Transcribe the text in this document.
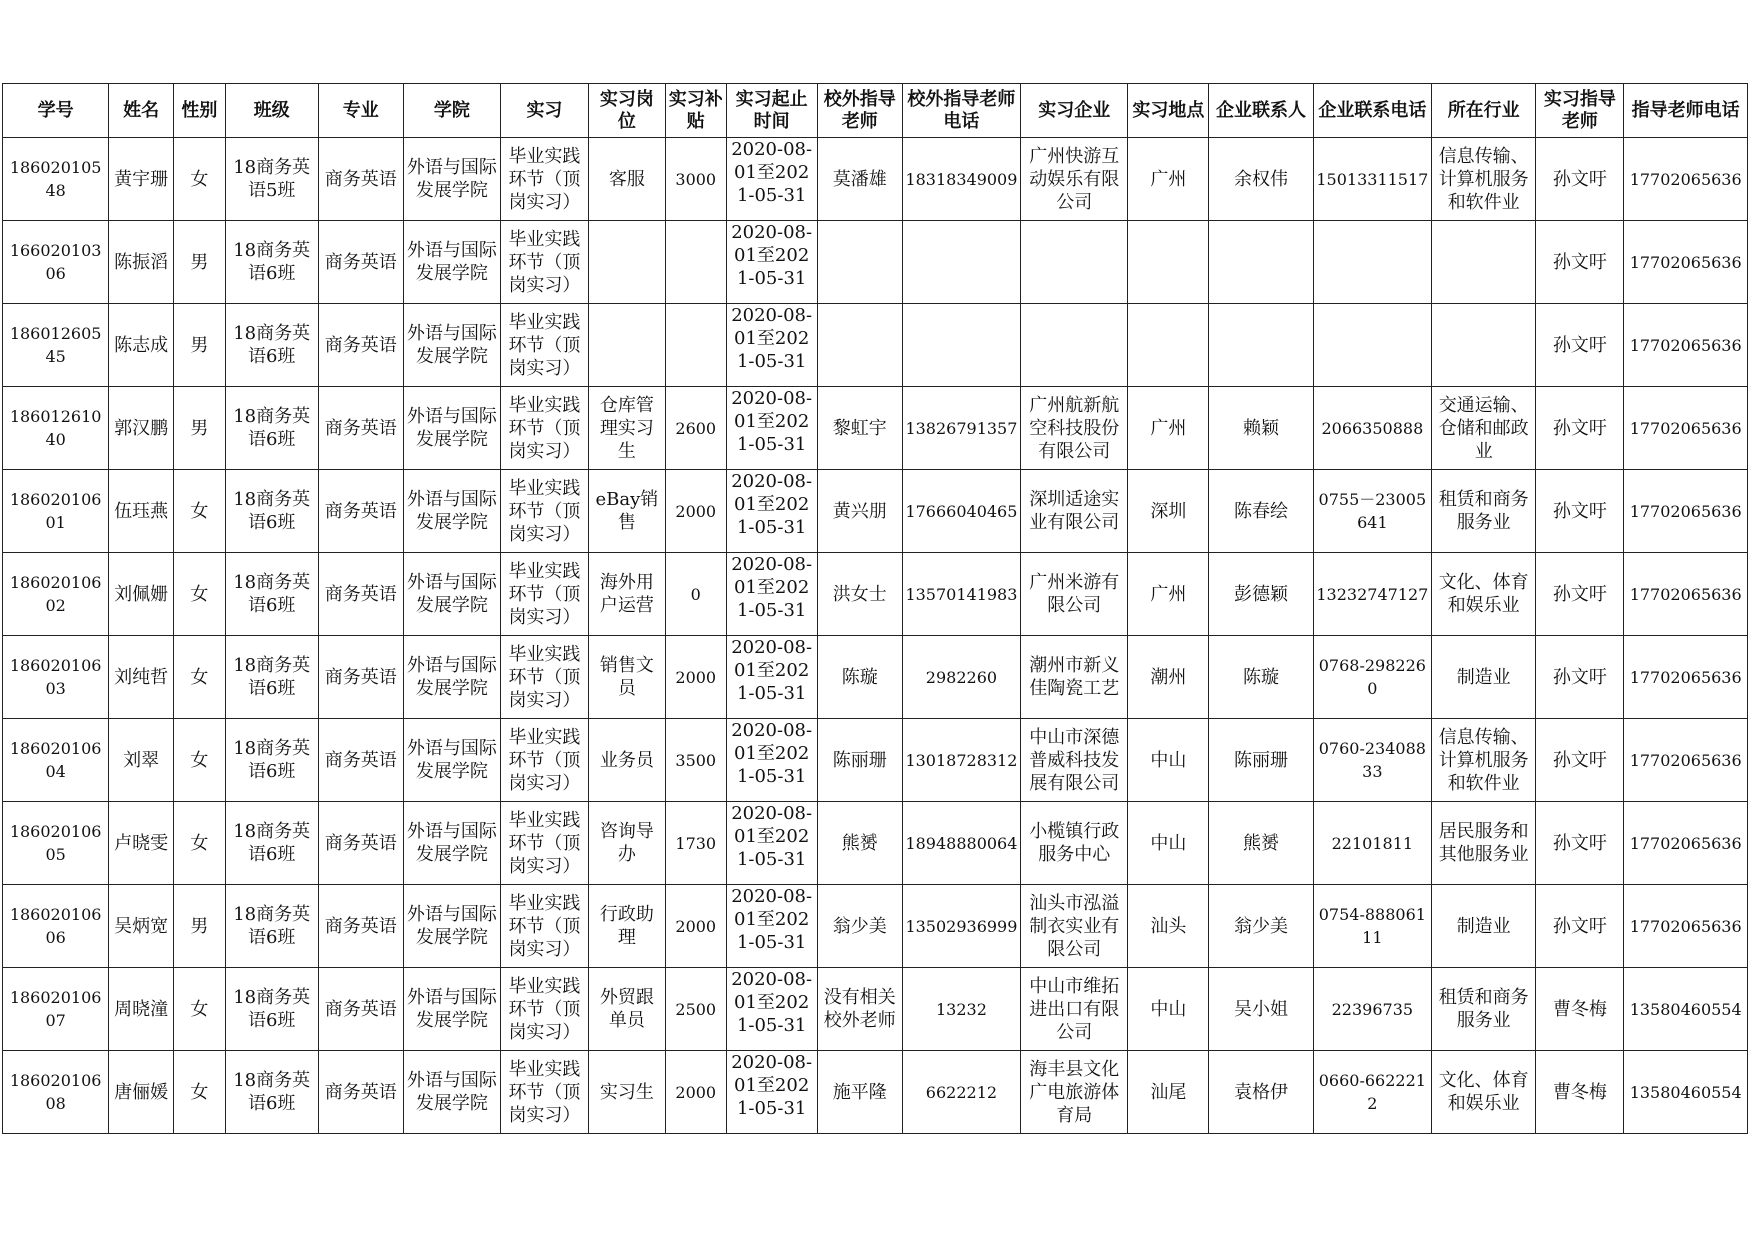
学号	姓名	性别	班级	专业	学院	实习	实习岗位	实习补贴	实习起止时间	校外指导老师	校外指导老师电话	实习企业	实习地点	企业联系人	企业联系电话	所在行业	实习指导老师	指导老师电话
18602010548	黄宇珊	女	18商务英语5班	商务英语	外语与国际发展学院	毕业实践环节（顶岗实习）	客服	3000	2020-08-01至2021-05-31	莫潘雄	18318349009	广州快游互动娱乐有限公司	广州	余权伟	15013311517	信息传输、计算机服务和软件业	孙文吁	17702065636
16602010306	陈振滔	男	18商务英语6班	商务英语	外语与国际发展学院	毕业实践环节（顶岗实习）			2020-08-01至2021-05-31								孙文吁	17702065636
18601260545	陈志成	男	18商务英语6班	商务英语	外语与国际发展学院	毕业实践环节（顶岗实习）			2020-08-01至2021-05-31								孙文吁	17702065636
18601261040	郭汉鹏	男	18商务英语6班	商务英语	外语与国际发展学院	毕业实践环节（顶岗实习）	仓库管理实习生	2600	2020-08-01至2021-05-31	黎虹宇	13826791357	广州航新航空科技股份有限公司	广州	赖颖	2066350888	交通运输、仓储和邮政业	孙文吁	17702065636
18602010601	伍珏燕	女	18商务英语6班	商务英语	外语与国际发展学院	毕业实践环节（顶岗实习）	eBay销售	2000	2020-08-01至2021-05-31	黄兴朋	17666040465	深圳适途实业有限公司	深圳	陈春绘	0755－23005641	租赁和商务服务业	孙文吁	17702065636
18602010602	刘佩姗	女	18商务英语6班	商务英语	外语与国际发展学院	毕业实践环节（顶岗实习）	海外用户运营	0	2020-08-01至2021-05-31	洪女士	13570141983	广州米游有限公司	广州	彭德颖	13232747127	文化、体育和娱乐业	孙文吁	17702065636
18602010603	刘纯哲	女	18商务英语6班	商务英语	外语与国际发展学院	毕业实践环节（顶岗实习）	销售文员	2000	2020-08-01至2021-05-31	陈璇	2982260	潮州市新义佳陶瓷工艺	潮州	陈璇	0768-2982260	制造业	孙文吁	17702065636
18602010604	刘翠	女	18商务英语6班	商务英语	外语与国际发展学院	毕业实践环节（顶岗实习）	业务员	3500	2020-08-01至2021-05-31	陈丽珊	13018728312	中山市深德普威科技发展有限公司	中山	陈丽珊	0760-23408833	信息传输、计算机服务和软件业	孙文吁	17702065636
18602010605	卢晓雯	女	18商务英语6班	商务英语	外语与国际发展学院	毕业实践环节（顶岗实习）	咨询导办	1730	2020-08-01至2021-05-31	熊赟	18948880064	小榄镇行政服务中心	中山	熊赟	22101811	居民服务和其他服务业	孙文吁	17702065636
18602010606	吴炳宽	男	18商务英语6班	商务英语	外语与国际发展学院	毕业实践环节（顶岗实习）	行政助理	2000	2020-08-01至2021-05-31	翁少美	13502936999	汕头市泓溢制衣实业有限公司	汕头	翁少美	0754-88806111	制造业	孙文吁	17702065636
18602010607	周晓潼	女	18商务英语6班	商务英语	外语与国际发展学院	毕业实践环节（顶岗实习）	外贸跟单员	2500	2020-08-01至2021-05-31	没有相关校外老师	13232	中山市维拓进出口有限公司	中山	吴小姐	22396735	租赁和商务服务业	曹冬梅	13580460554
18602010608	唐俪媛	女	18商务英语6班	商务英语	外语与国际发展学院	毕业实践环节（顶岗实习）	实习生	2000	2020-08-01至2021-05-31	施平隆	6622212	海丰县文化广电旅游体育局	汕尾	袁格伊	0660-6622212	文化、体育和娱乐业	曹冬梅	13580460554
